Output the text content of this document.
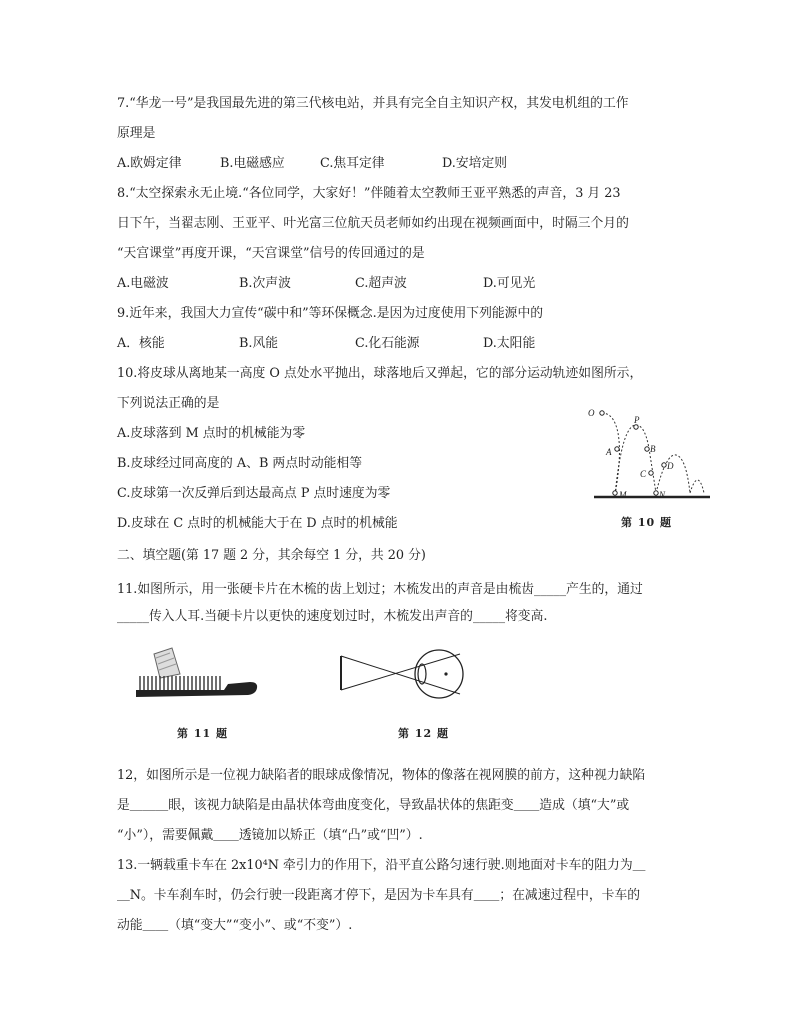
7.“华龙一号”是我国最先进的第三代核电站，并具有完全自主知识产权，其发电机组的工作
原理是
A.欧姆定律	B.电磁感应	C.焦耳定律	D.安培定则
8.“太空探索永无止境.“各位同学，大家好！”伴随着太空教师王亚平熟悉的声音，3 月 23
日下午，当翟志刚、王亚平、叶光富三位航天员老师如约出现在视频画面中，时隔三个月的
“天宫课堂”再度开课，“天宫课堂”信号的传回通过的是
A.电磁波	B.次声波	C.超声波	D.可见光
9.近年来，我国大力宣传“碳中和”等环保概念.是因为过度使用下列能源中的
A．核能	B.风能	C.化石能源	D.太阳能
10.将皮球从离地某一高度 O 点处水平抛出，球落地后又弹起，它的部分运动轨迹如图所示，
下列说法正确的是
A.皮球落到 M 点时的机械能为零
B.皮球经过同高度的 A、B 两点时动能相等
C.皮球第一次反弹后到达最高点 P 点时速度为零
D.皮球在 C 点时的机械能大于在 D 点时的机械能
O
A
P
B
C
D
M	N
第 10 题
二、填空题(第 17 题 2 分，其余每空 1 分，共 20 分)
11.如图所示，用一张硬卡片在木梳的齿上划过；木梳发出的声音是由梳齿_____产生的，通过
_____传入人耳.当硬卡片以更快的速度划过时，木梳发出声音的_____将变高.
第 11 题	第 12 题
12，如图所示是一位视力缺陷者的眼球成像情况，物体的像落在视网膜的前方，这种视力缺陷
是＿＿＿眼，该视力缺陷是由晶状体弯曲度变化，导致晶状体的焦距变＿＿造成（填“大”或
“小”），需要佩戴＿＿透镜加以矫正（填“凸”或“凹”）.
13.一辆载重卡车在 2x10⁴N 牵引力的作用下，沿平直公路匀速行驶.则地面对卡车的阻力为＿
＿N。卡车刹车时，仍会行驶一段距离才停下，是因为卡车具有＿＿；在减速过程中，卡车的
动能＿＿（填“变大”“变小”、或“不变”）.
